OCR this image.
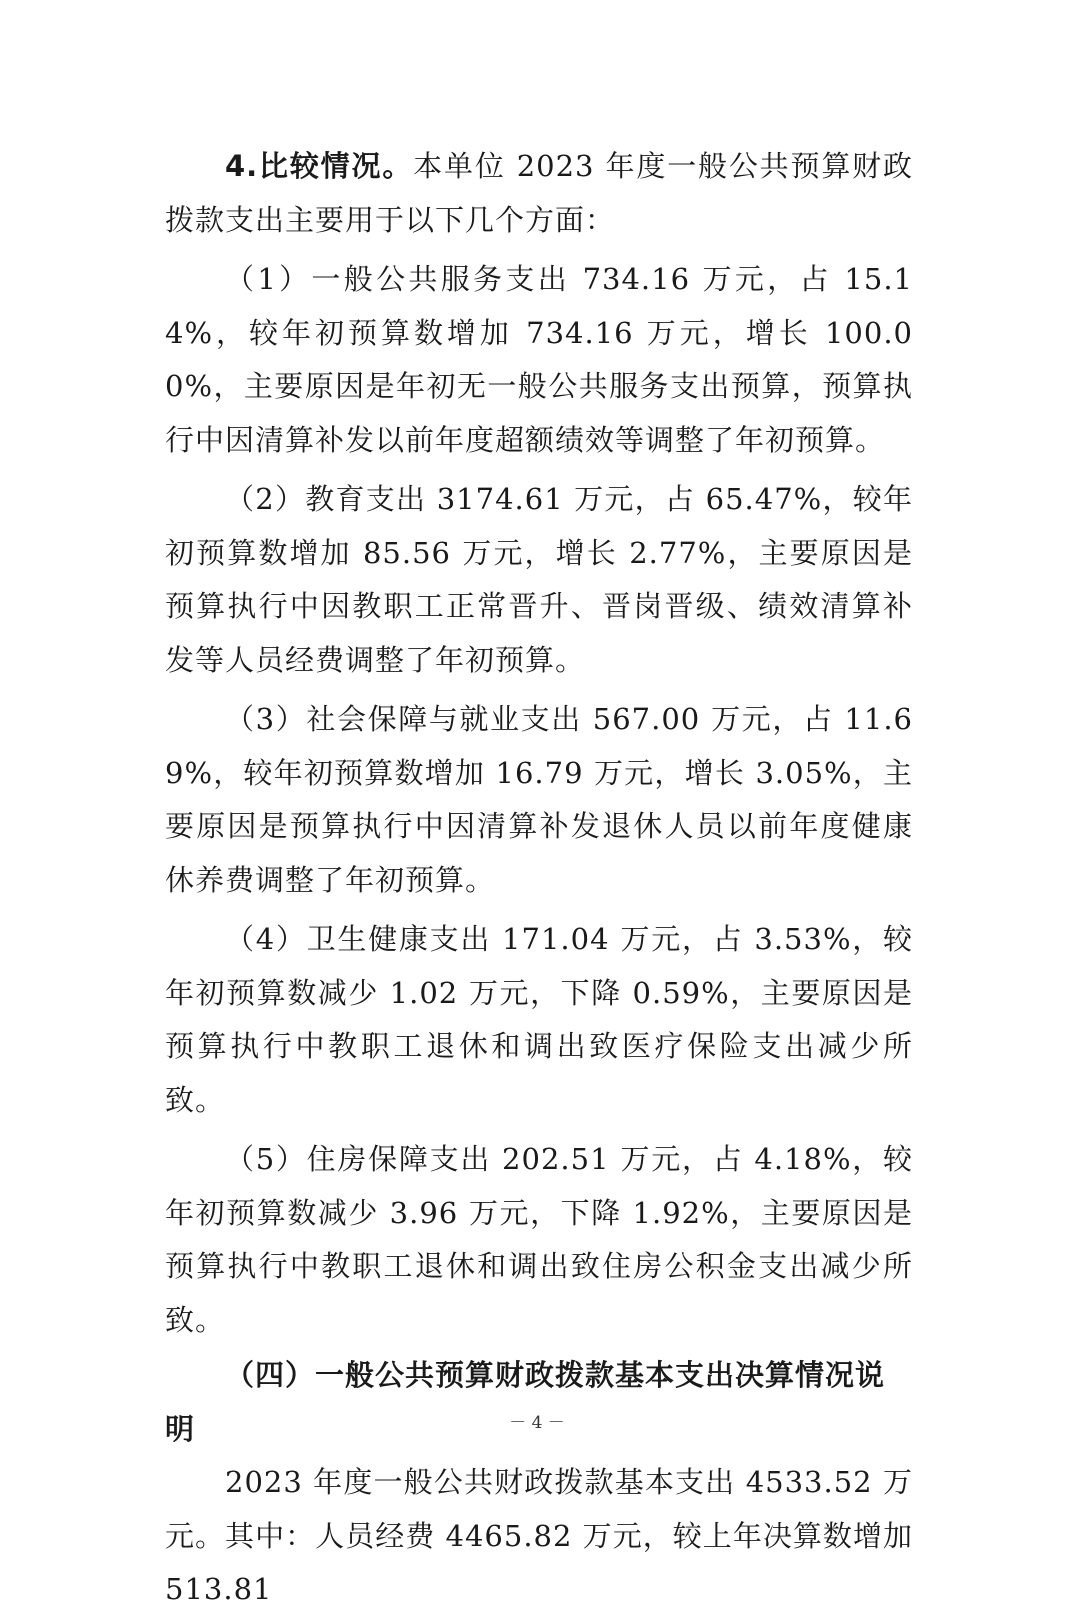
4.比较情况。本单位 2023 年度一般公共预算财政拨款支出主要用于以下几个方面：

（1）一般公共服务支出 734.16 万元，占 15.14%，较年初预算数增加 734.16 万元，增长 100.00%，主要原因是年初无一般公共服务支出预算，预算执行中因清算补发以前年度超额绩效等调整了年初预算。

（2）教育支出 3174.61 万元，占 65.47%，较年初预算数增加 85.56 万元，增长 2.77%，主要原因是预算执行中因教职工正常晋升、晋岗晋级、绩效清算补发等人员经费调整了年初预算。

（3）社会保障与就业支出 567.00 万元，占 11.69%，较年初预算数增加 16.79 万元，增长 3.05%，主要原因是预算执行中因清算补发退休人员以前年度健康休养费调整了年初预算。

（4）卫生健康支出 171.04 万元，占 3.53%，较年初预算数减少 1.02 万元，下降 0.59%，主要原因是预算执行中教职工退休和调出致医疗保险支出减少所致。

（5）住房保障支出 202.51 万元，占 4.18%，较年初预算数减少 3.96 万元，下降 1.92%，主要原因是预算执行中教职工退休和调出致住房公积金支出减少所致。

（四）一般公共预算财政拨款基本支出决算情况说明

2023 年度一般公共财政拨款基本支出 4533.52 万元。其中：人员经费 4465.82 万元，较上年决算数增加 513.81

－ 4 －
